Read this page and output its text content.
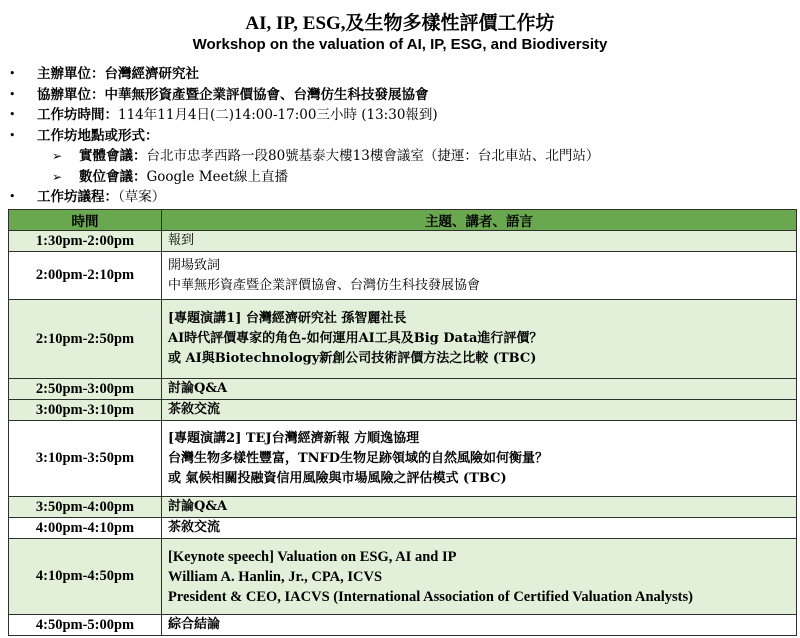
AI, IP, ESG,及生物多樣性評價工作坊
Workshop on the valuation of AI, IP, ESG, and Biodiversity
• 主辦單位：台灣經濟研究社
• 協辦單位：中華無形資產暨企業評價協會、台灣仿生科技發展協會
• 工作坊時間：114年11月4日(二)14:00-17:00三小時 (13:30報到)
• 工作坊地點或形式：
➢ 實體會議：台北市忠孝西路一段80號基泰大樓13樓會議室（捷運：台北車站、北門站）
➢ 數位會議：Google Meet線上直播
• 工作坊議程：（草案）
時間	主題、講者、語言
1:30pm-2:00pm	報到

2:00pm-2:10pm	開場致詞
中華無形資產暨企業評價協會、台灣仿生科技發展協會

2:10pm-2:50pm	[專題演講1] 台灣經濟研究社 孫智麗社長
AI時代評價專家的角色-如何運用AI工具及Big Data進行評價？
或 AI與Biotechnology新創公司技術評價方法之比較 (TBC)

2:50pm-3:00pm	討論Q&A

3:00pm-3:10pm	茶敘交流

3:10pm-3:50pm	[專題演講2] TEJ台灣經濟新報 方順逸協理
台灣生物多樣性豐富，TNFD生物足跡領域的自然風險如何衡量？
或 氣候相關投融資信用風險與市場風險之評估模式 (TBC)

3:50pm-4:00pm	討論Q&A

4:00pm-4:10pm	茶敘交流

4:10pm-4:50pm	[Keynote speech] Valuation on ESG, AI and IP
William A. Hanlin, Jr., CPA, ICVS
President & CEO, IACVS (International Association of Certified Valuation Analysts)

4:50pm-5:00pm	綜合結論
